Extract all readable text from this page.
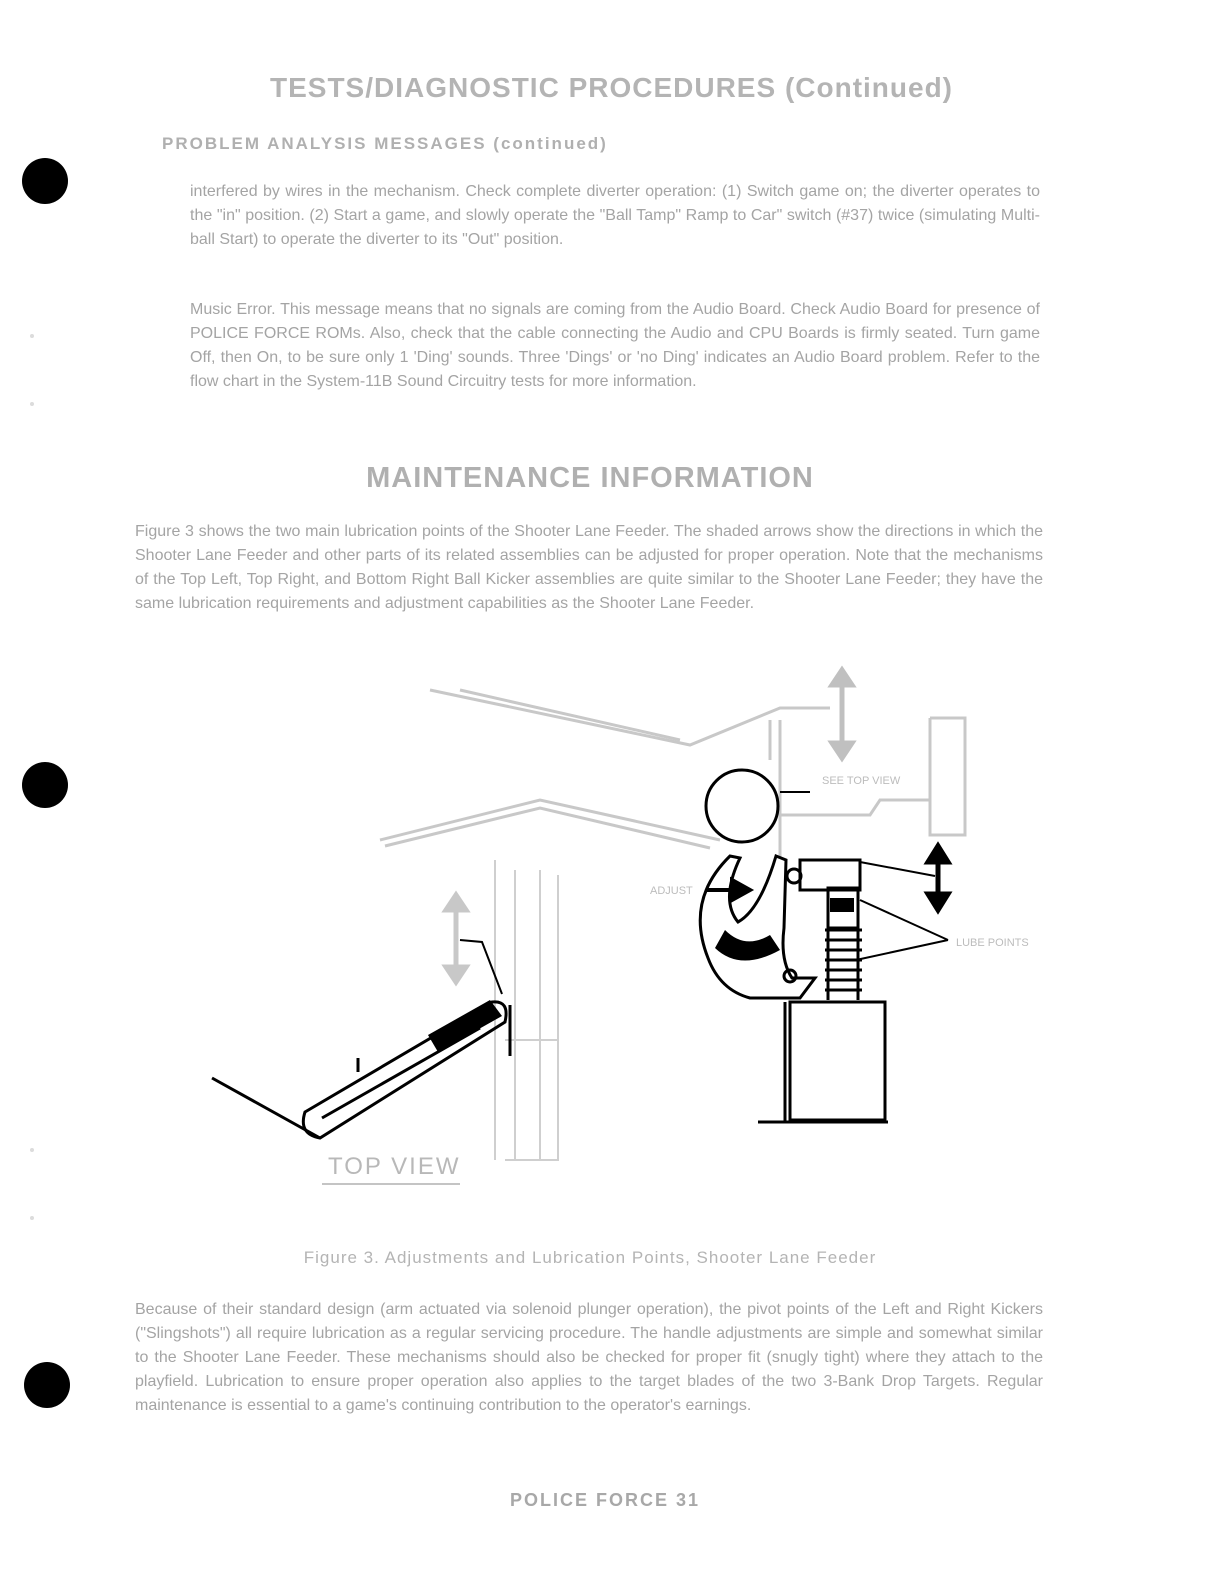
TESTS/DIAGNOSTIC PROCEDURES (Continued)
PROBLEM ANALYSIS MESSAGES (continued)

interfered by wires in the mechanism. Check complete diverter operation: (1) Switch game on; the diverter operates to the "in" position. (2) Start a game, and slowly operate the "Ball Tamp" Ramp to Car" switch (#37) twice (simulating Multi-ball Start) to operate the diverter to its "Out" position.

Music Error. This message means that no signals are coming from the Audio Board. Check Audio Board for presence of POLICE FORCE ROMs. Also, check that the cable connecting the Audio and CPU Boards is firmly seated. Turn game Off, then On, to be sure only 1 'Ding' sounds. Three 'Dings' or 'no Ding' indicates an Audio Board problem. Refer to the flow chart in the System-11B Sound Circuitry tests for more information.

MAINTENANCE INFORMATION

Figure 3 shows the two main lubrication points of the Shooter Lane Feeder. The shaded arrows show the directions in which the Shooter Lane Feeder and other parts of its related assemblies can be adjusted for proper operation. Note that the mechanisms of the Top Left, Top Right, and Bottom Right Ball Kicker assemblies are quite similar to the Shooter Lane Feeder; they have the same lubrication requirements and adjustment capabilities as the Shooter Lane Feeder.

SEE TOP VIEW
LUBE POINTS
ADJUST
TOP VIEW
Figure 3. Adjustments and Lubrication Points, Shooter Lane Feeder

Because of their standard design (arm actuated via solenoid plunger operation), the pivot points of the Left and Right Kickers ("Slingshots") all require lubrication as a regular servicing procedure. The handle adjustments are simple and somewhat similar to the Shooter Lane Feeder. These mechanisms should also be checked for proper fit (snugly tight) where they attach to the playfield. Lubrication to ensure proper operation also applies to the target blades of the two 3-Bank Drop Targets. Regular maintenance is essential to a game's continuing contribution to the operator's earnings.

POLICE FORCE 31
